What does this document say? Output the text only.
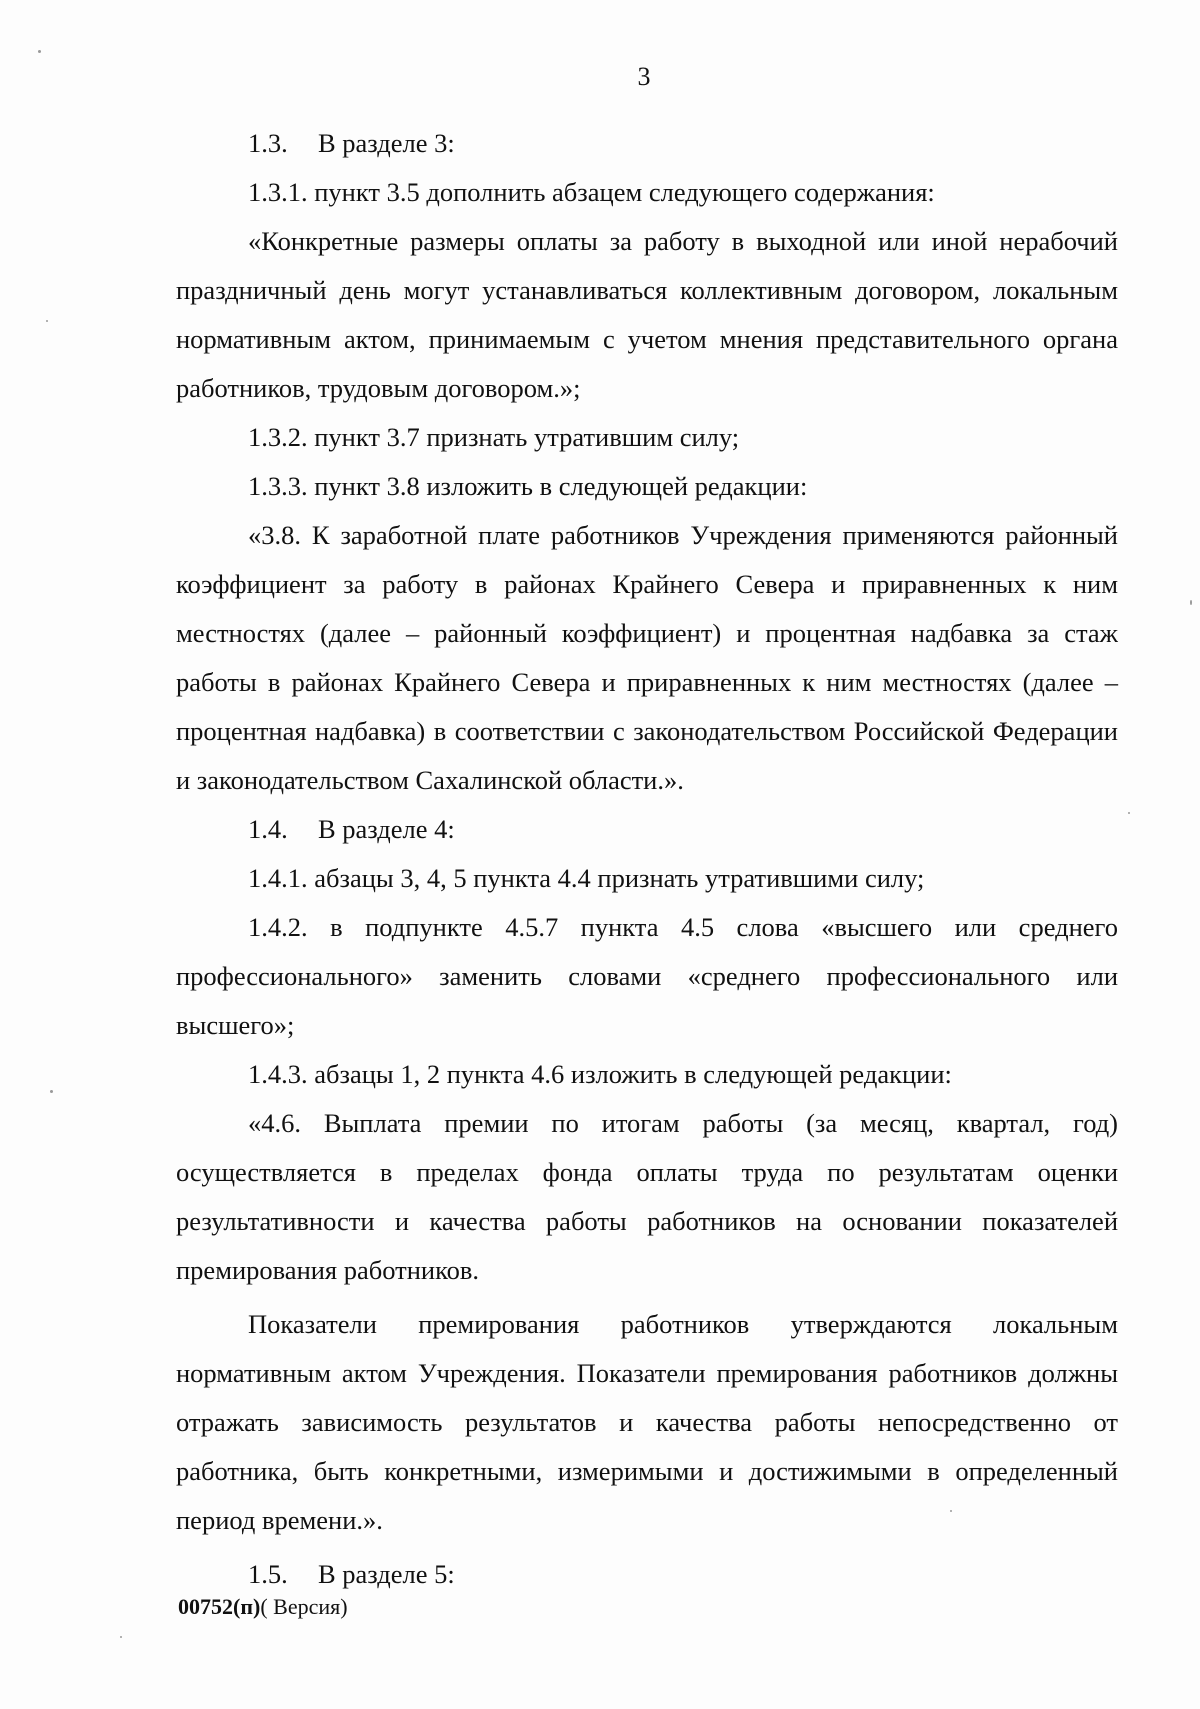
3

1.3. В разделе 3:

1.3.1. пункт 3.5 дополнить абзацем следующего содержания:

«Конкретные размеры оплаты за работу в выходной или иной нерабочий праздничный день могут устанавливаться коллективным договором, локальным нормативным актом, принимаемым с учетом мнения представительного органа работников, трудовым договором.»;

1.3.2. пункт 3.7 признать утратившим силу;

1.3.3. пункт 3.8 изложить в следующей редакции:

«3.8. К заработной плате работников Учреждения применяются районный коэффициент за работу в районах Крайнего Севера и приравненных к ним местностях (далее – районный коэффициент) и процентная надбавка за стаж работы в районах Крайнего Севера и приравненных к ним местностях (далее – процентная надбавка) в соответствии с законодательством Российской Федерации и законодательством Сахалинской области.».

1.4. В разделе 4:

1.4.1. абзацы 3, 4, 5 пункта 4.4 признать утратившими силу;

1.4.2. в подпункте 4.5.7 пункта 4.5 слова «высшего или среднего профессионального» заменить словами «среднего профессионального или высшего»;

1.4.3. абзацы 1, 2 пункта 4.6 изложить в следующей редакции:

«4.6. Выплата премии по итогам работы (за месяц, квартал, год) осуществляется в пределах фонда оплаты труда по результатам оценки результативности и качества работы работников на основании показателей премирования работников.

Показатели премирования работников утверждаются локальным нормативным актом Учреждения. Показатели премирования работников должны отражать зависимость результатов и качества работы непосредственно от работника, быть конкретными, измеримыми и достижимыми в определенный период времени.».

1.5. В разделе 5:

00752(п)( Версия)
